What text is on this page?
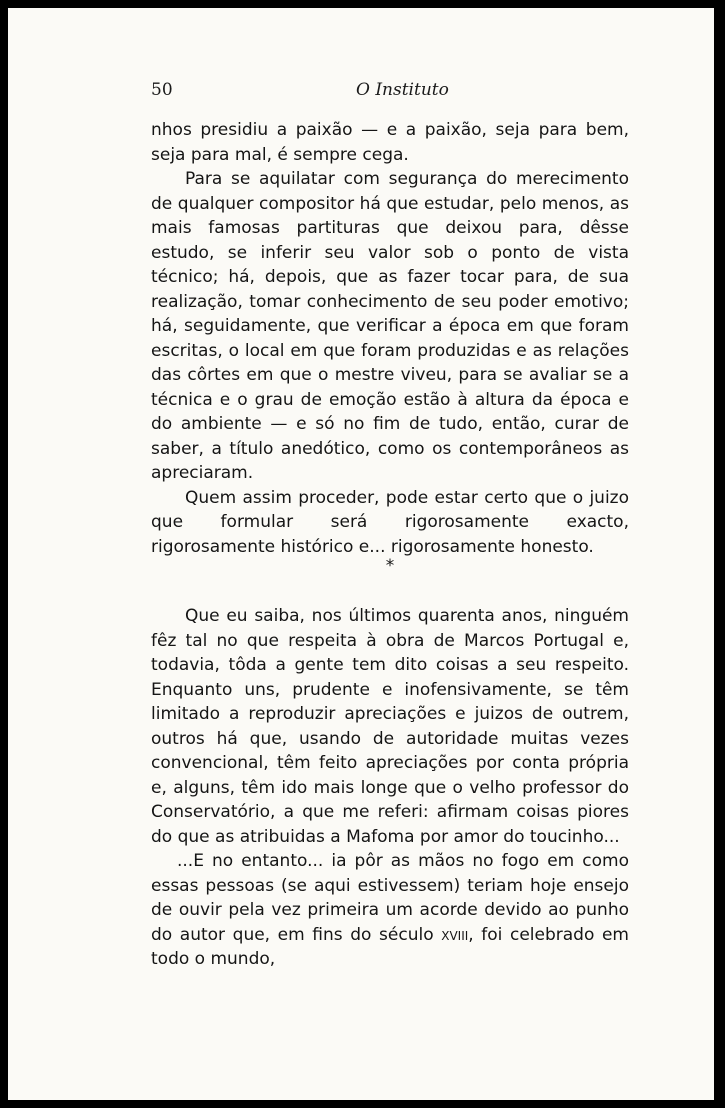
50	O Instituto

nhos presidiu a paixão — e a paixão, seja para bem, seja para mal, é sempre cega.

Para se aquilatar com segurança do merecimento de qualquer compositor há que estudar, pelo menos, as mais famosas partituras que deixou para, dêsse estudo, se inferir seu valor sob o ponto de vista técnico; há, depois, que as fazer tocar para, de sua realização, tomar conhecimento de seu poder emotivo; há, seguidamente, que verificar a época em que foram escritas, o local em que foram produzidas e as relações das côrtes em que o mestre viveu, para se avaliar se a técnica e o grau de emoção estão à altura da época e do ambiente — e só no fim de tudo, então, curar de saber, a título anedótico, como os contemporâneos as apreciaram.

Quem assim proceder, pode estar certo que o juizo que formular será rigorosamente exacto, rigorosamente histórico e... rigorosamente honesto.

*

Que eu saiba, nos últimos quarenta anos, ninguém fêz tal no que respeita à obra de Marcos Portugal e, todavia, tôda a gente tem dito coisas a seu respeito. Enquanto uns, prudente e inofensivamente, se têm limitado a reproduzir apreciações e juizos de outrem, outros há que, usando de autoridade muitas vezes convencional, têm feito apreciações por conta própria e, alguns, têm ido mais longe que o velho professor do Conservatório, a que me referi: afirmam coisas piores do que as atribuidas a Mafoma por amor do toucinho...

...E no entanto... ia pôr as mãos no fogo em como essas pessoas (se aqui estivessem) teriam hoje ensejo de ouvir pela vez primeira um acorde devido ao punho do autor que, em fins do século xviii, foi celebrado em todo o mundo,
